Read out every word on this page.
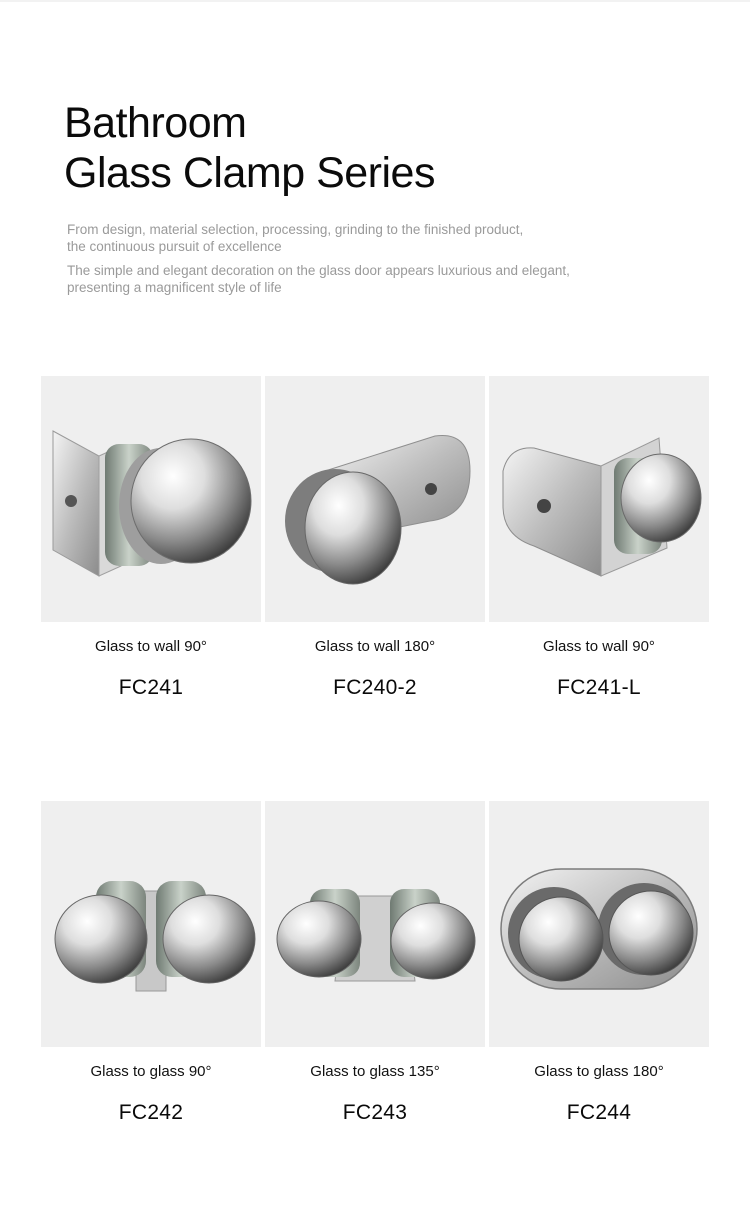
Bathroom
Glass Clamp Series

From design, material selection, processing, grinding to the finished product,
the continuous pursuit of excellence

The simple and elegant decoration on the glass door appears luxurious and elegant,
presenting a magnificent style of life

Glass to wall 90°
FC241
Glass to wall 180°
FC240-2
Glass to wall 90°
FC241-L
Glass to glass 90°
FC242
Glass to glass 135°
FC243
Glass to glass 180°
FC244
